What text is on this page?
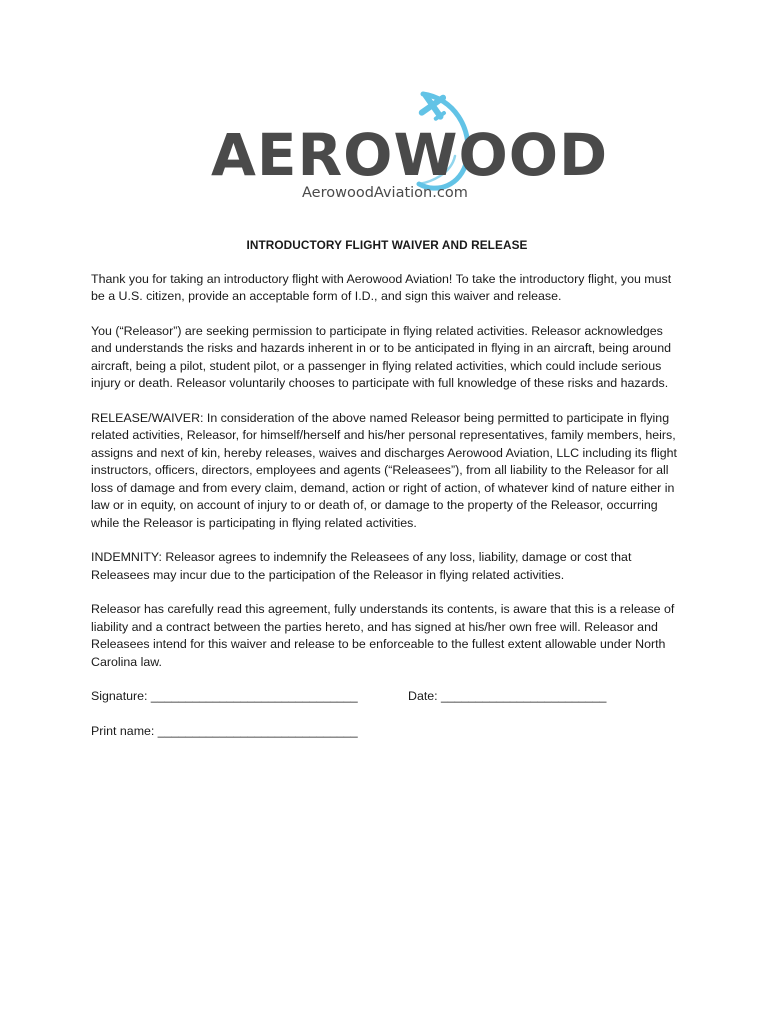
AEROWOOD
AerowoodAviation.com
INTRODUCTORY FLIGHT WAIVER AND RELEASE

Thank you for taking an introductory flight with Aerowood Aviation! To take the introductory flight, you must be a U.S. citizen, provide an acceptable form of I.D., and sign this waiver and release.

You (“Releasor”) are seeking permission to participate in flying related activities. Releasor acknowledges and understands the risks and hazards inherent in or to be anticipated in flying in an aircraft, being around aircraft, being a pilot, student pilot, or a passenger in flying related activities, which could include serious injury or death. Releasor voluntarily chooses to participate with full knowledge of these risks and hazards.

RELEASE/WAIVER: In consideration of the above named Releasor being permitted to participate in flying related activities, Releasor, for himself/herself and his/her personal representatives, family members, heirs, assigns and next of kin, hereby releases, waives and discharges Aerowood Aviation, LLC including its flight instructors, officers, directors, employees and agents (“Releasees”), from all liability to the Releasor for all loss of damage and from every claim, demand, action or right of action, of whatever kind of nature either in law or in equity, on account of injury to or death of, or damage to the property of the Releasor, occurring while the Releasor is participating in flying related activities.

INDEMNITY: Releasor agrees to indemnify the Releasees of any loss, liability, damage or cost that Releasees may incur due to the participation of the Releasor in flying related activities.

Releasor has carefully read this agreement, fully understands its contents, is aware that this is a release of liability and a contract between the parties hereto, and has signed at his/her own free will. Releasor and Releasees intend for this waiver and release to be enforceable to the fullest extent allowable under North Carolina law.

Signature: ______________________________	Date: ________________________
Print name: _____________________________
